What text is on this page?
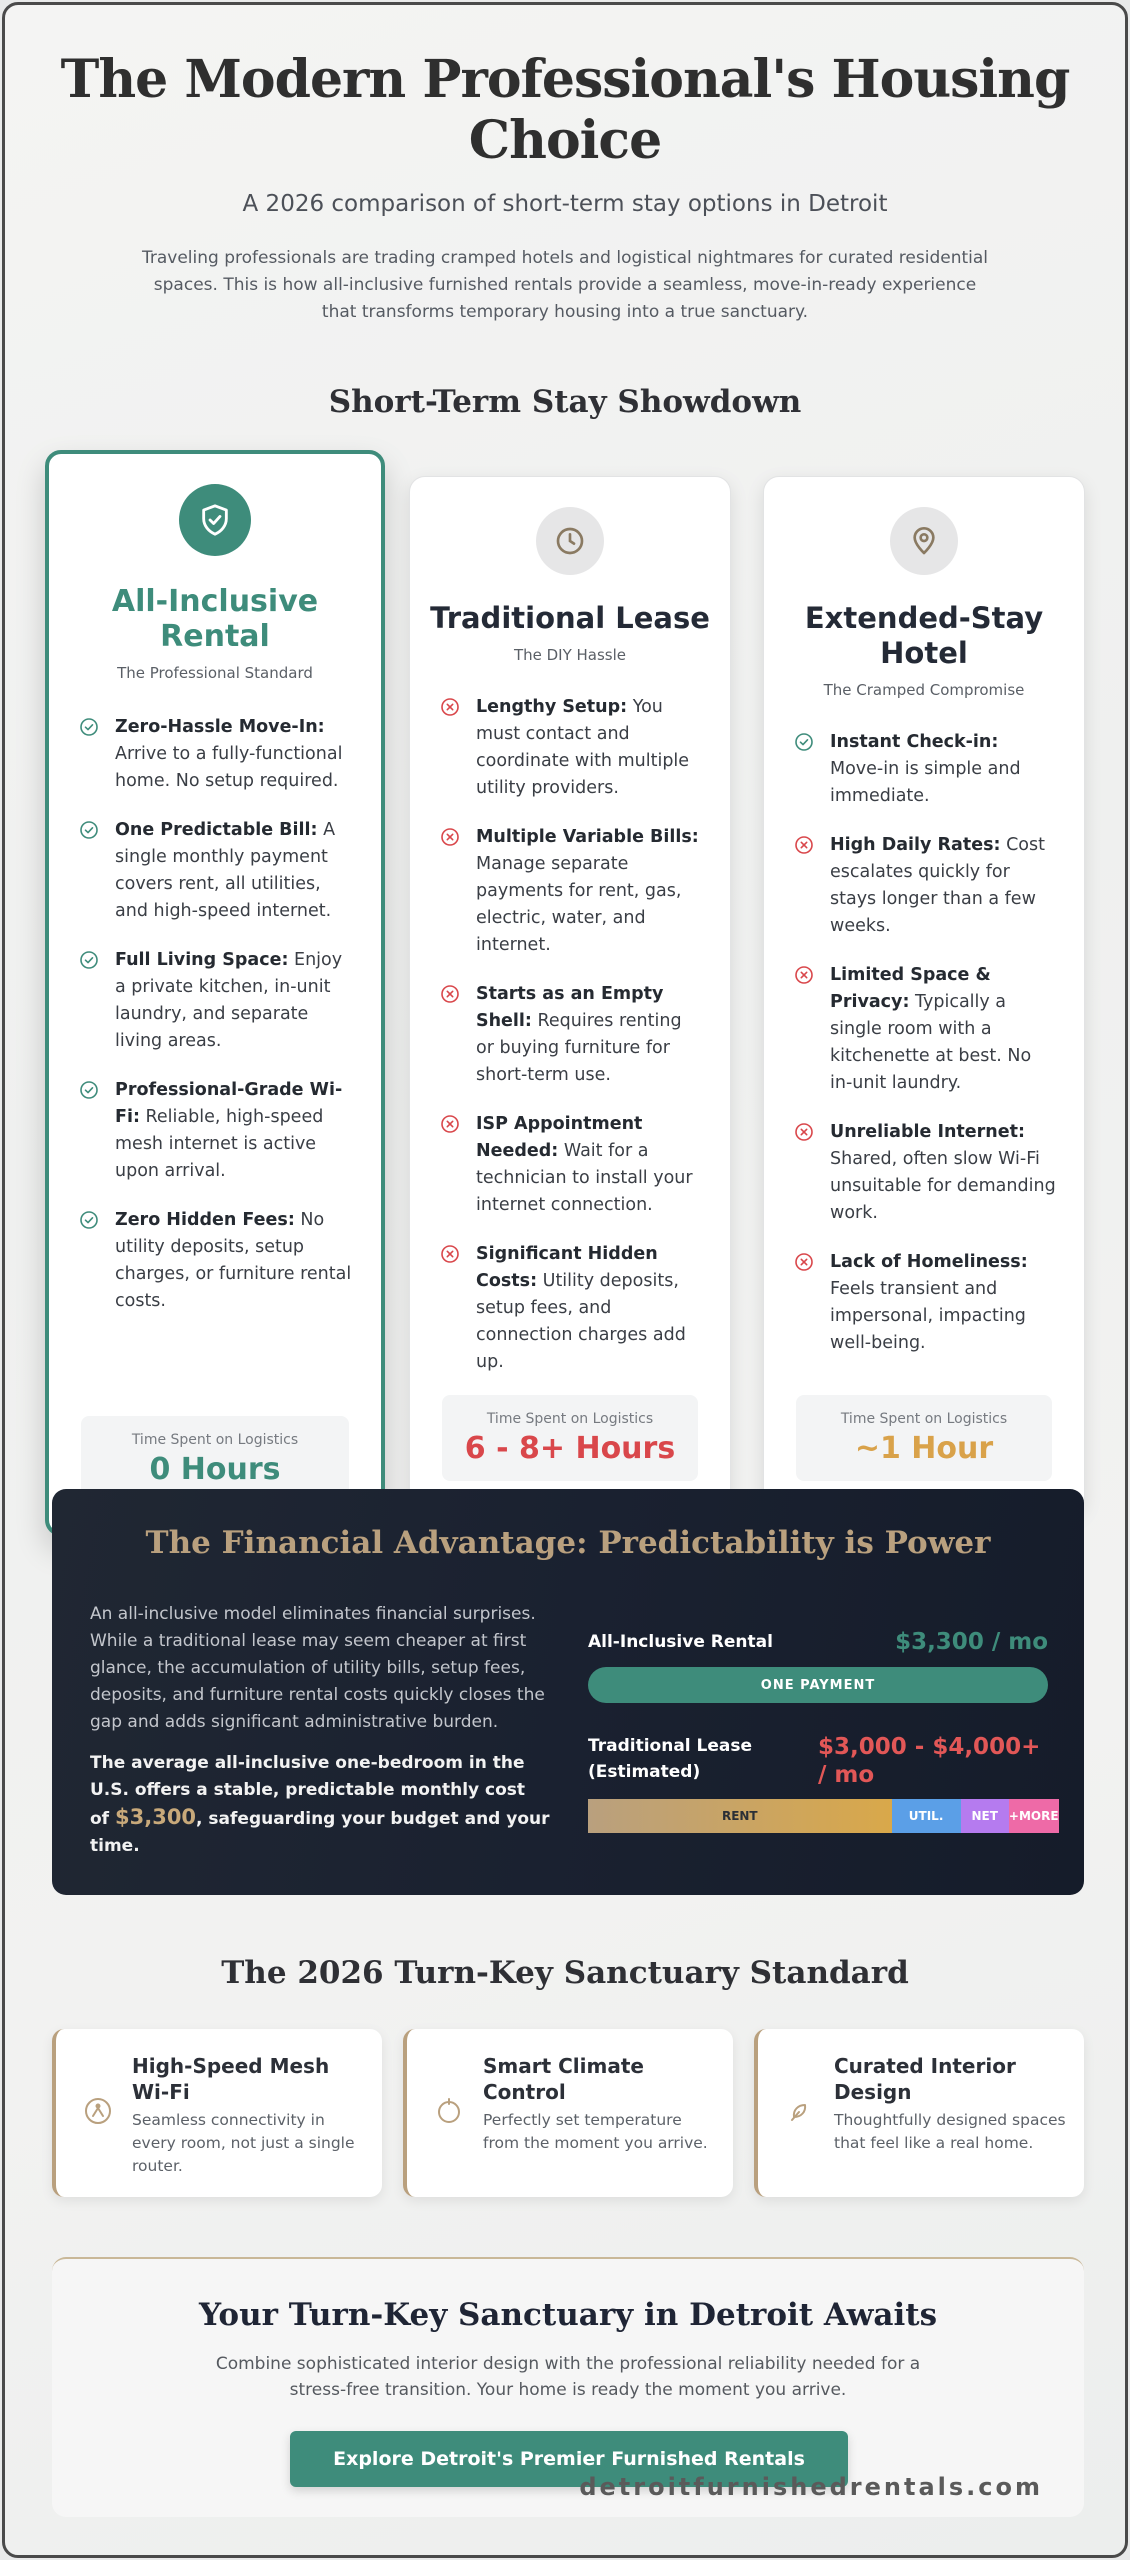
The Modern Professional's Housing Choice

A 2026 comparison of short-term stay options in Detroit

Traveling professionals are trading cramped hotels and logistical nightmares for curated residential spaces. This is how all-inclusive furnished rentals provide a seamless, move-in-ready experience that transforms temporary housing into a true sanctuary.

Short-Term Stay Showdown
All-Inclusive Rental
The Professional Standard
Zero-Hassle Move-In: Arrive to a fully-functional home. No setup required.
One Predictable Bill: A single monthly payment covers rent, all utilities, and high-speed internet.
Full Living Space: Enjoy a private kitchen, in-unit laundry, and separate living areas.
Professional-Grade Wi-Fi: Reliable, high-speed mesh internet is active upon arrival.
Zero Hidden Fees: No utility deposits, setup charges, or furniture rental costs.
Time Spent on Logistics
0 Hours
Traditional Lease
The DIY Hassle
Lengthy Setup: You must contact and coordinate with multiple utility providers.
Multiple Variable Bills: Manage separate payments for rent, gas, electric, water, and internet.
Starts as an Empty Shell: Requires renting or buying furniture for short-term use.
ISP Appointment Needed: Wait for a technician to install your internet connection.
Significant Hidden Costs: Utility deposits, setup fees, and connection charges add up.
Time Spent on Logistics
6 - 8+ Hours
Extended-Stay Hotel
The Cramped Compromise
Instant Check-in: Move-in is simple and immediate.
High Daily Rates: Cost escalates quickly for stays longer than a few weeks.
Limited Space & Privacy: Typically a single room with a kitchenette at best. No in-unit laundry.
Unreliable Internet: Shared, often slow Wi-Fi unsuitable for demanding work.
Lack of Homeliness: Feels transient and impersonal, impacting well-being.
Time Spent on Logistics
~1 Hour
The Financial Advantage: Predictability is Power

An all-inclusive model eliminates financial surprises. While a traditional lease may seem cheaper at first glance, the accumulation of utility bills, setup fees, deposits, and furniture rental costs quickly closes the gap and adds significant administrative burden.

The average all-inclusive one-bedroom in the U.S. offers a stable, predictable monthly cost of $3,300, safeguarding your budget and your time.

All-Inclusive Rental	$3,300 / mo
ONE PAYMENT
Traditional Lease (Estimated)
$3,000 - $4,000+ / mo
RENT	UTIL.	NET +MORE
The 2026 Turn-Key Sanctuary Standard
High-Speed Mesh Wi-Fi
Seamless connectivity in every room, not just a single router.
Smart Climate Control
Perfectly set temperature from the moment you arrive.
Curated Interior Design
Thoughtfully designed spaces that feel like a real home.
Your Turn-Key Sanctuary in Detroit Awaits

Combine sophisticated interior design with the professional reliability needed for a stress-free transition. Your home is ready the moment you arrive.

Explore Detroit's Premier Furnished Rentals
detroitfurnishedrentals.com
